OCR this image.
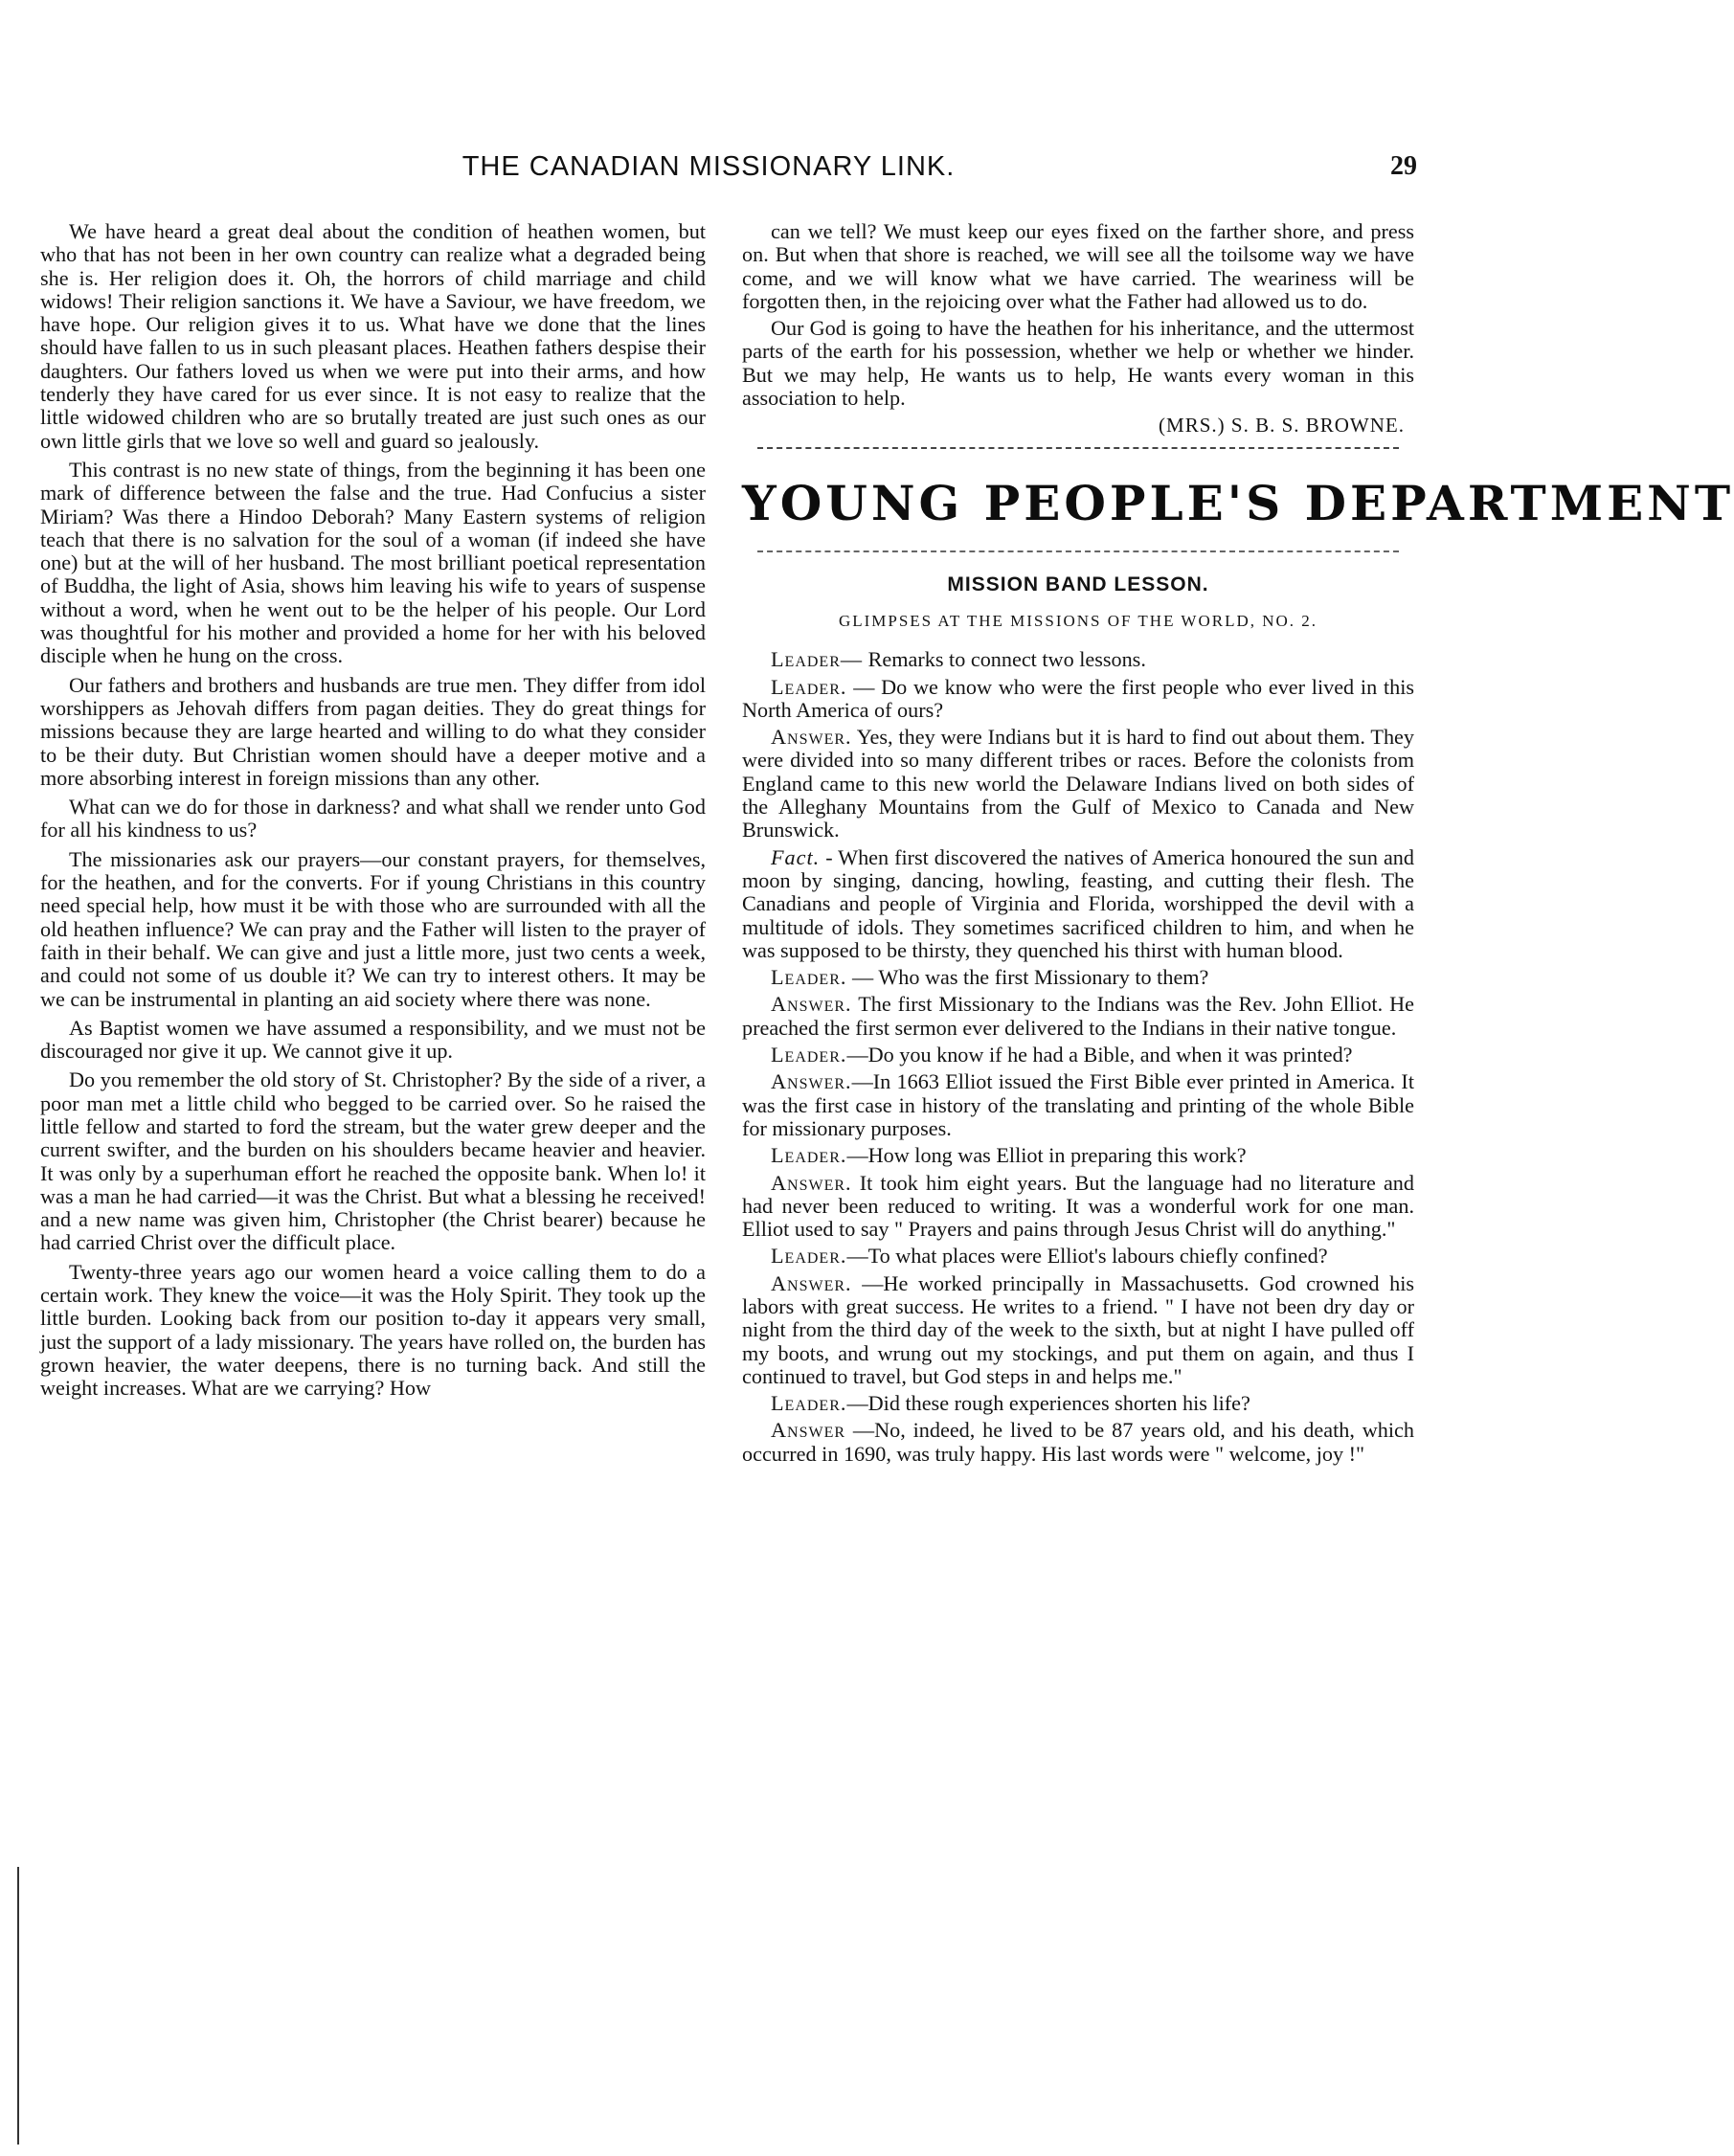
THE CANADIAN MISSIONARY LINK.	29

We have heard a great deal about the condition of heathen women, but who that has not been in her own country can realize what a degraded being she is. Her religion does it. Oh, the horrors of child marriage and child widows! Their religion sanctions it. We have a Saviour, we have freedom, we have hope. Our religion gives it to us. What have we done that the lines should have fallen to us in such pleasant places. Heathen fathers despise their daughters. Our fathers loved us when we were put into their arms, and how tenderly they have cared for us ever since. It is not easy to realize that the little widowed children who are so brutally treated are just such ones as our own little girls that we love so well and guard so jealously.

This contrast is no new state of things, from the beginning it has been one mark of difference between the false and the true. Had Confucius a sister Miriam? Was there a Hindoo Deborah? Many Eastern systems of religion teach that there is no salvation for the soul of a woman (if indeed she have one) but at the will of her husband. The most brilliant poetical representation of Buddha, the light of Asia, shows him leaving his wife to years of suspense without a word, when he went out to be the helper of his people. Our Lord was thoughtful for his mother and provided a home for her with his beloved disciple when he hung on the cross.

Our fathers and brothers and husbands are true men. They differ from idol worshippers as Jehovah differs from pagan deities. They do great things for missions because they are large hearted and willing to do what they consider to be their duty. But Christian women should have a deeper motive and a more absorbing interest in foreign missions than any other.

What can we do for those in darkness? and what shall we render unto God for all his kindness to us?

The missionaries ask our prayers—our constant prayers, for themselves, for the heathen, and for the converts. For if young Christians in this country need special help, how must it be with those who are surrounded with all the old heathen influence? We can pray and the Father will listen to the prayer of faith in their behalf. We can give and just a little more, just two cents a week, and could not some of us double it? We can try to interest others. It may be we can be instrumental in planting an aid society where there was none.

As Baptist women we have assumed a responsibility, and we must not be discouraged nor give it up. We cannot give it up.

Do you remember the old story of St. Christopher? By the side of a river, a poor man met a little child who begged to be carried over. So he raised the little fellow and started to ford the stream, but the water grew deeper and the current swifter, and the burden on his shoulders became heavier and heavier. It was only by a superhuman effort he reached the opposite bank. When lo! it was a man he had carried—it was the Christ. But what a blessing he received! and a new name was given him, Christopher (the Christ bearer) because he had carried Christ over the difficult place.

Twenty-three years ago our women heard a voice calling them to do a certain work. They knew the voice—it was the Holy Spirit. They took up the little burden. Looking back from our position to-day it appears very small, just the support of a lady missionary. The years have rolled on, the burden has grown heavier, the water deepens, there is no turning back. And still the weight increases. What are we carrying? How

can we tell? We must keep our eyes fixed on the farther shore, and press on. But when that shore is reached, we will see all the toilsome way we have come, and we will know what we have carried. The weariness will be forgotten then, in the rejoicing over what the Father had allowed us to do.

Our God is going to have the heathen for his inheritance, and the uttermost parts of the earth for his possession, whether we help or whether we hinder. But we may help, He wants us to help, He wants every woman in this association to help.

(MRS.) S. B. S. BROWNE.
YOUNG PEOPLE'S DEPARTMENT
MISSION BAND LESSON.
GLIMPSES AT THE MISSIONS OF THE WORLD, NO. 2.

Leader— Remarks to connect two lessons.

Leader. — Do we know who were the first people who ever lived in this North America of ours?

Answer. Yes, they were Indians but it is hard to find out about them. They were divided into so many different tribes or races. Before the colonists from England came to this new world the Delaware Indians lived on both sides of the Alleghany Mountains from the Gulf of Mexico to Canada and New Brunswick.

Fact. - When first discovered the natives of America honoured the sun and moon by singing, dancing, howling, feasting, and cutting their flesh. The Canadians and people of Virginia and Florida, worshipped the devil with a multitude of idols. They sometimes sacrificed children to him, and when he was supposed to be thirsty, they quenched his thirst with human blood.

Leader. — Who was the first Missionary to them?

Answer. The first Missionary to the Indians was the Rev. John Elliot. He preached the first sermon ever delivered to the Indians in their native tongue.

Leader.—Do you know if he had a Bible, and when it was printed?

Answer.—In 1663 Elliot issued the First Bible ever printed in America. It was the first case in history of the translating and printing of the whole Bible for missionary purposes.

Leader.—How long was Elliot in preparing this work?

Answer. It took him eight years. But the language had no literature and had never been reduced to writing. It was a wonderful work for one man. Elliot used to say " Prayers and pains through Jesus Christ will do anything."

Leader.—To what places were Elliot's labours chiefly confined?

Answer. —He worked principally in Massachusetts. God crowned his labors with great success. He writes to a friend. " I have not been dry day or night from the third day of the week to the sixth, but at night I have pulled off my boots, and wrung out my stockings, and put them on again, and thus I continued to travel, but God steps in and helps me."

Leader.—Did these rough experiences shorten his life?

Answer —No, indeed, he lived to be 87 years old, and his death, which occurred in 1690, was truly happy. His last words were " welcome, joy !"
